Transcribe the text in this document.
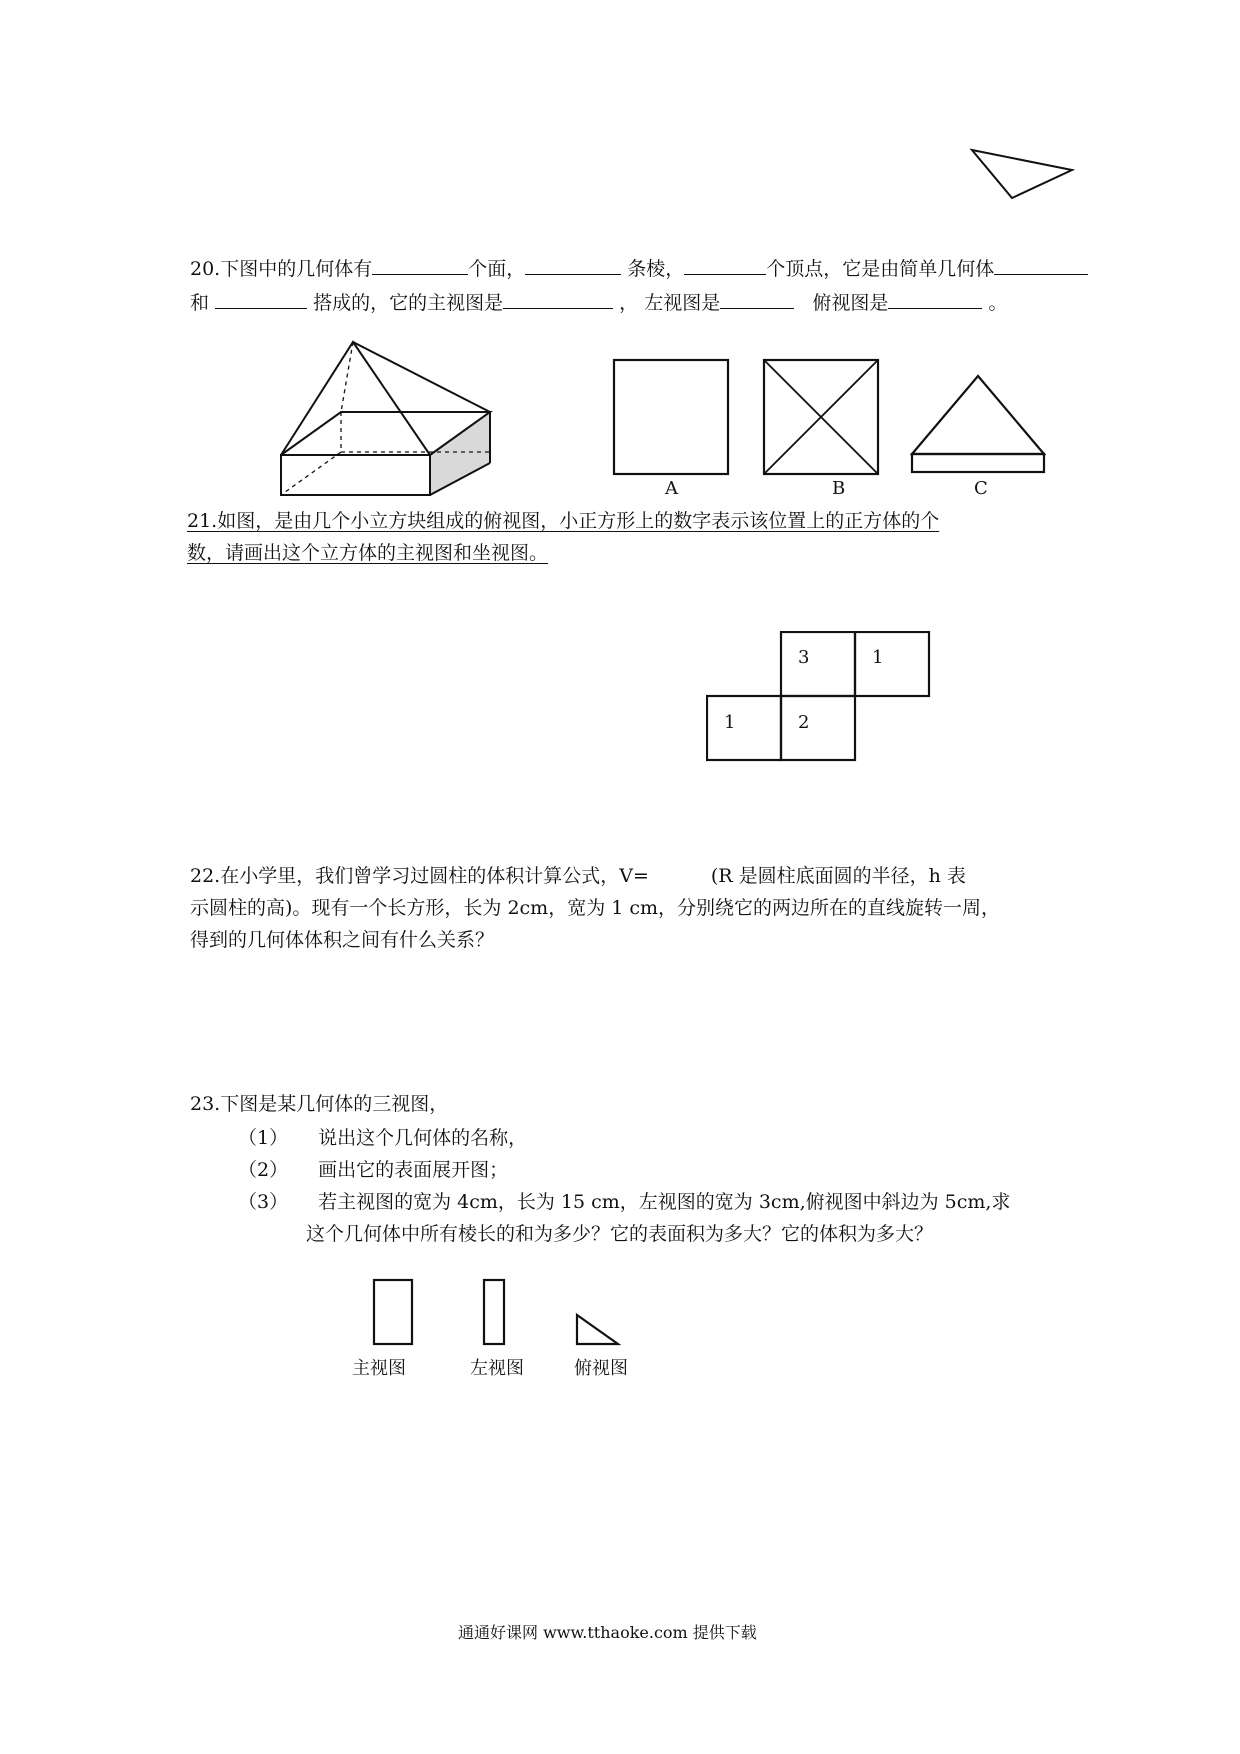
20.下图中的几何体有	个面，	条棱，	个顶点，它是由简单几何体
和	搭成的，它的主视图是	， 左视图是	俯视图是	。
A	B	C
21.如图，是由几个小立方块组成的俯视图，小正方形上的数字表示该位置上的正方体的个
数，请画出这个立方体的主视图和坐视图。
3	1
1	2
22.在小学里，我们曾学习过圆柱的体积计算公式，V=	(R 是圆柱底面圆的半径，h 表
示圆柱的高)。现有一个长方形，长为 2cm，宽为 1 cm，分别绕它的两边所在的直线旋转一周，
得到的几何体体积之间有什么关系？
23.下图是某几何体的三视图，
（1） 说出这个几何体的名称，
（2） 画出它的表面展开图；
（3） 若主视图的宽为 4cm，长为 15 cm，左视图的宽为 3cm,俯视图中斜边为 5cm,求
这个几何体中所有棱长的和为多少？它的表面积为多大？它的体积为多大？
主视图	左视图	俯视图
通通好课网 www.tthaoke.com 提供下载
